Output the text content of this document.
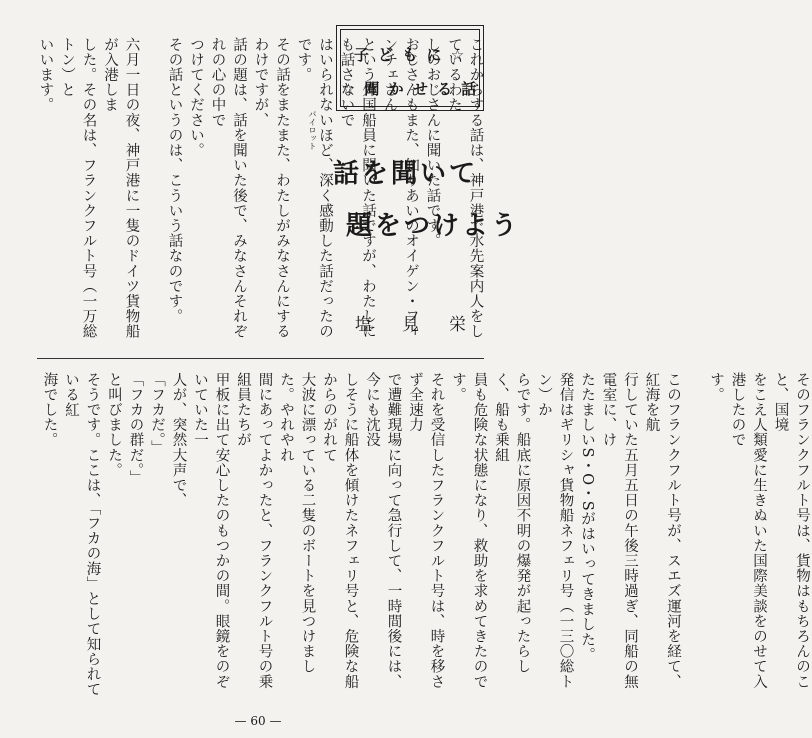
子 ど も に ☆
☆ 聞 か せ る 話
話を聞いて
題をつけよう
塩見栄
これからする話は、神戸港で水先案内人をしているわた
しのおじさんに聞いた話です。
おじさんもまた、知りあいのオイゲン・フィンチェさん
という外国船員に聞いた話ですが、わたしにも話さないで
はいられないほど、深く感動した話だったのです。
その話をまたまた、わたしがみなさんにするわけですが、
話の題は、話を聞いた後で、みなさんそれぞれの心の中で
つけてください。
その話というのは、こういう話なのです。

六月一日の夜、神戸港に一隻のドイツ貨物船が入港しま
した。その名は、フランクフルト号（一万総トン）と
いいます。
パイロット
そのフランクフルト号は、貨物はもちろんのこと、国境
をこえ人類愛に生きぬいた国際美談をのせて入港したので
す。

このフランクフルト号が、スエズ運河を経て、紅海を航
行していた五月五日の午後三時過ぎ、同船の無電室に、け
たたましいS・O・Sがはいってきました。
発信はギリシャ貨物船ネフェリ号（一三〇総トン）か
らです。船底に原因不明の爆発が起ったらしく、船も乗組
員も危険な状態になり、救助を求めてきたのです。
それを受信したフランクフルト号は、時を移さず全速力
で遭難現場に向って急行して、一時間後には、今にも沈没
しそうに船体を傾けたネフェリ号と、危険な船からのがれて
大波に漂っている二隻のボートを見つけました。やれやれ
間にあってよかったと、フランクフルト号の乗組員たちが
甲板に出て安心したのもつかの間。眼鏡をのぞいていた一
人が、突然大声で、
「フカだ。」
「フカの群だ。」
と叫びました。
そうです。ここは、「フカの海」として知られている紅
海でした。
— 60 —
